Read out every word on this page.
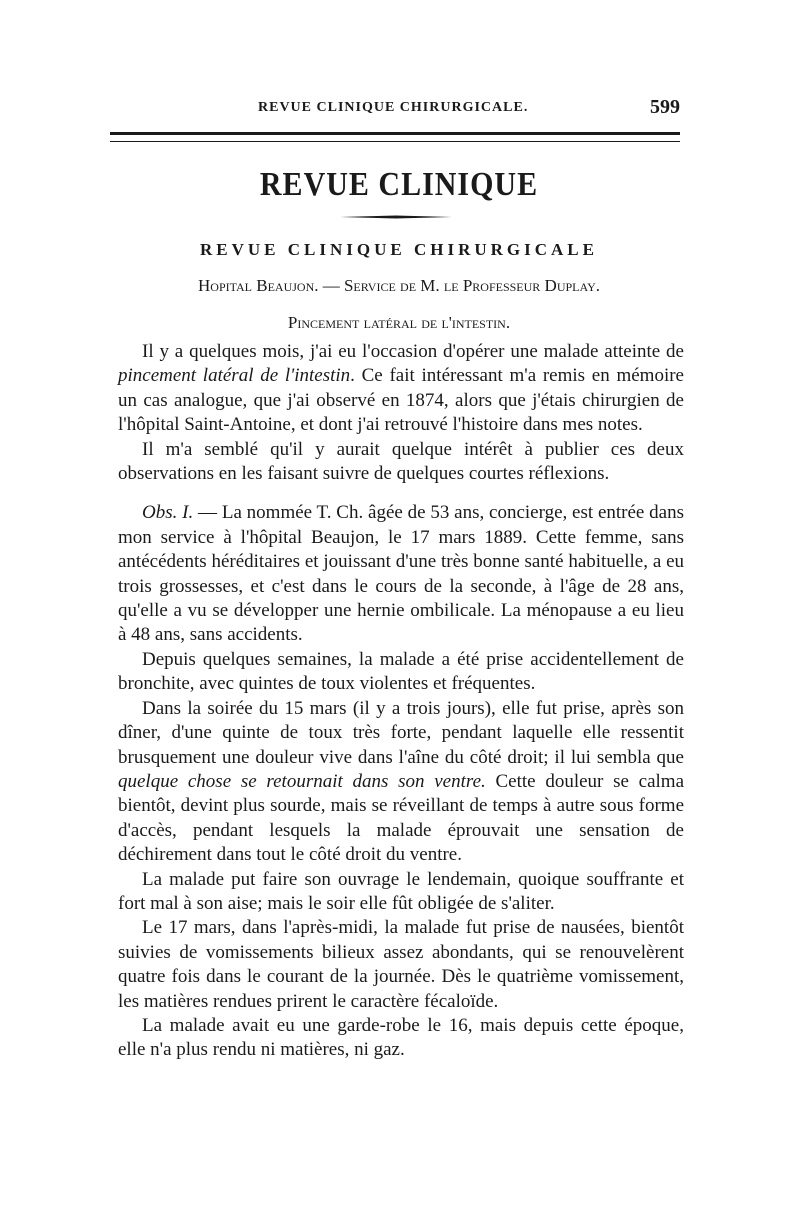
REVUE CLINIQUE CHIRURGICALE.	599
REVUE CLINIQUE
REVUE CLINIQUE CHIRURGICALE
Hopital Beaujon. — Service de M. le Professeur Duplay.
Pincement latéral de l'intestin.

Il y a quelques mois, j'ai eu l'occasion d'opérer une malade atteinte de pincement latéral de l'intestin. Ce fait intéressant m'a remis en mémoire un cas analogue, que j'ai observé en 1874, alors que j'étais chirurgien de l'hôpital Saint-Antoine, et dont j'ai retrouvé l'histoire dans mes notes.

Il m'a semblé qu'il y aurait quelque intérêt à publier ces deux observations en les faisant suivre de quelques courtes réflexions.

Obs. I. — La nommée T. Ch. âgée de 53 ans, concierge, est entrée dans mon service à l'hôpital Beaujon, le 17 mars 1889. Cette femme, sans antécédents héréditaires et jouissant d'une très bonne santé habituelle, a eu trois grossesses, et c'est dans le cours de la seconde, à l'âge de 28 ans, qu'elle a vu se développer une hernie ombilicale. La ménopause a eu lieu à 48 ans, sans accidents.

Depuis quelques semaines, la malade a été prise accidentellement de bronchite, avec quintes de toux violentes et fréquentes.

Dans la soirée du 15 mars (il y a trois jours), elle fut prise, après son dîner, d'une quinte de toux très forte, pendant laquelle elle ressentit brusquement une douleur vive dans l'aîne du côté droit; il lui sembla que quelque chose se retournait dans son ventre. Cette douleur se calma bientôt, devint plus sourde, mais se réveillant de temps à autre sous forme d'accès, pendant lesquels la malade éprouvait une sensation de déchirement dans tout le côté droit du ventre.

La malade put faire son ouvrage le lendemain, quoique souffrante et fort mal à son aise; mais le soir elle fût obligée de s'aliter.

Le 17 mars, dans l'après-midi, la malade fut prise de nausées, bientôt suivies de vomissements bilieux assez abondants, qui se renouvelèrent quatre fois dans le courant de la journée. Dès le quatrième vomissement, les matières rendues prirent le caractère fécaloïde.

La malade avait eu une garde-robe le 16, mais depuis cette époque, elle n'a plus rendu ni matières, ni gaz.
